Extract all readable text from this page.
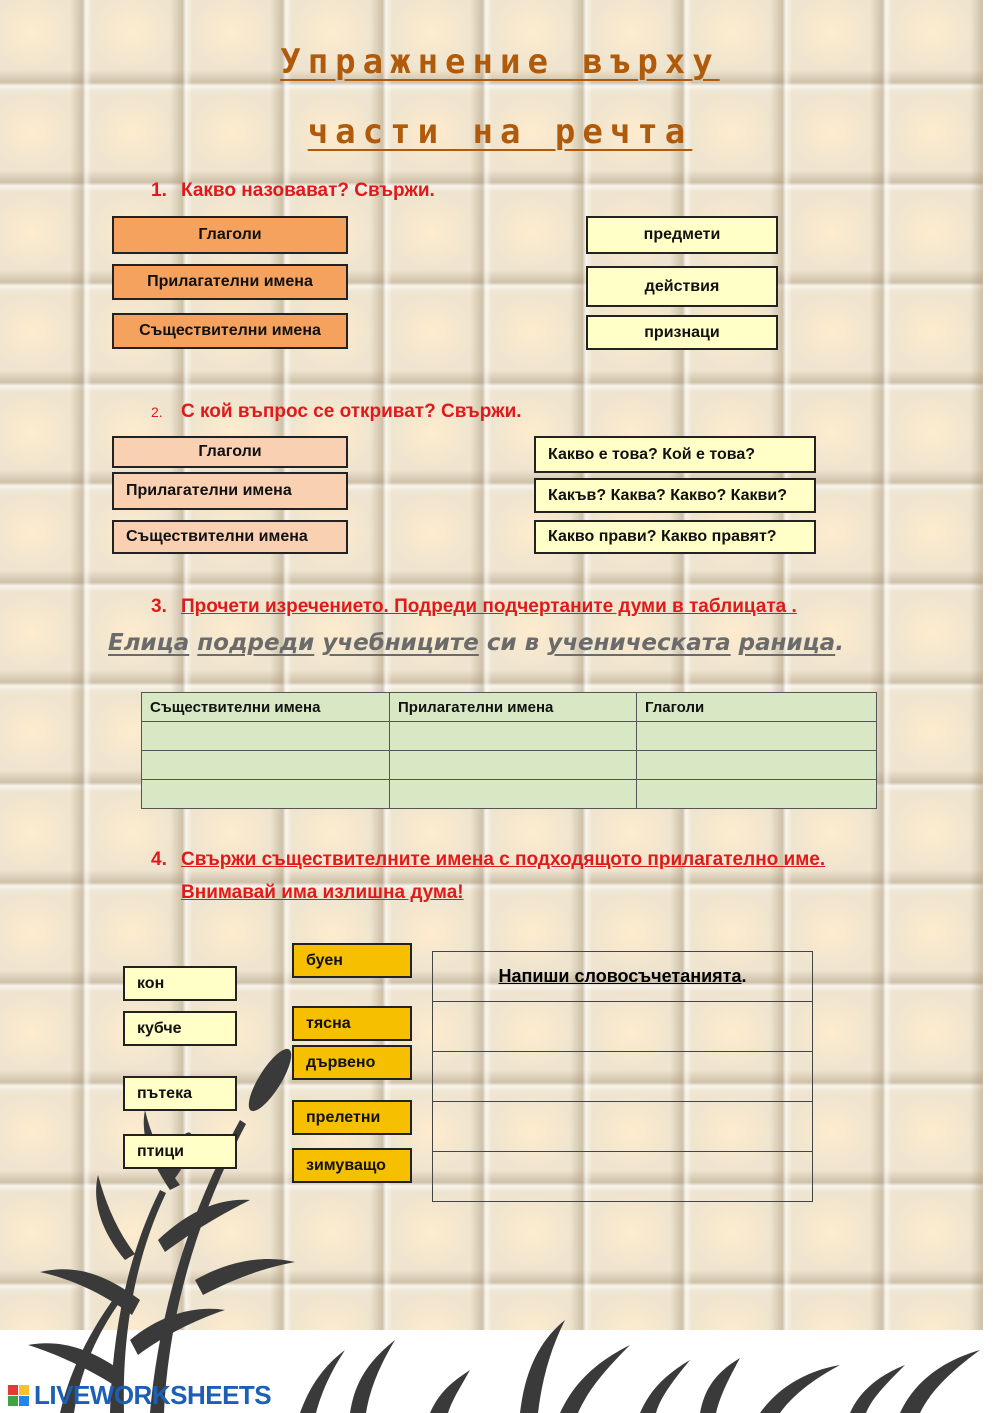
Упражнение върху
части на речта
1. Какво назовават? Свържи.
Глаголи
Прилагателни имена
Съществителни имена
предмети
действия
признаци
2. С кой въпрос се откриват? Свържи.
Глаголи
Прилагателни имена
Съществителни имена
Какво е това? Кой е това?
Какъв? Каква? Какво? Какви?
Какво прави? Какво правят?
3. Прочети изречението. Подреди подчертаните думи в таблицата .
Елица подреди учебниците си в ученическата раница.
Съществителни имена	Прилагателни имена	Глаголи

4. Свържи съществителните имена с подходящото прилагателно име.
Внимавай има излишна дума!
кон
кубче
пътека
птици
буен
тясна
дървено
прелетни
зимуващо
Напиши словосъчетанията.

LIVEWORKSHEETS
